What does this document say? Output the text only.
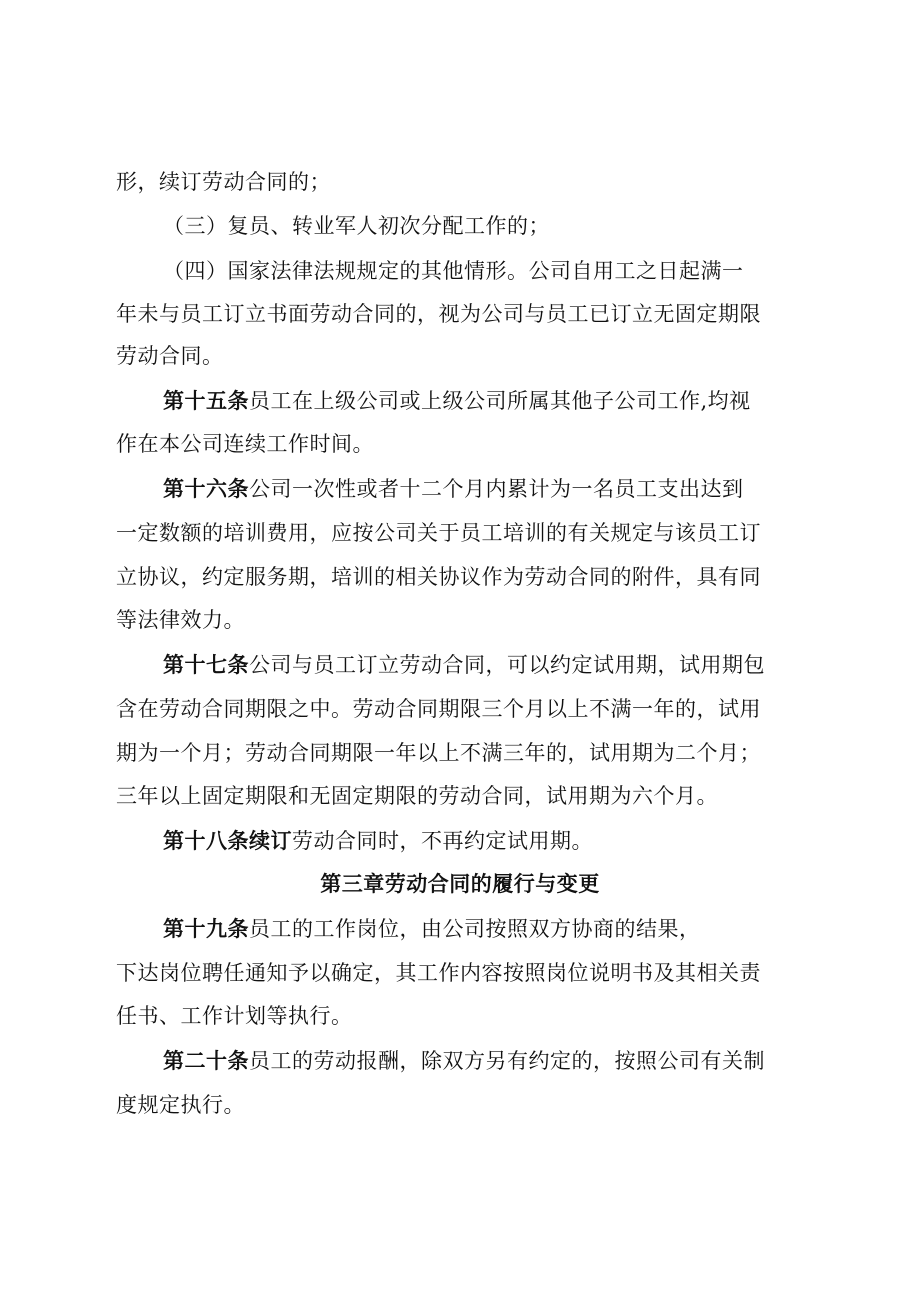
形，续订劳动合同的；
（三）复员、转业军人初次分配工作的；
（四）国家法律法规规定的其他情形。公司自用工之日起满一
年未与员工订立书面劳动合同的，视为公司与员工已订立无固定期限
劳动合同。
第十五条员工在上级公司或上级公司所属其他子公司工作,均视
作在本公司连续工作时间。
第十六条公司一次性或者十二个月内累计为一名员工支出达到
一定数额的培训费用，应按公司关于员工培训的有关规定与该员工订
立协议，约定服务期，培训的相关协议作为劳动合同的附件，具有同
等法律效力。
第十七条公司与员工订立劳动合同，可以约定试用期，试用期包
含在劳动合同期限之中。劳动合同期限三个月以上不满一年的，试用
期为一个月；劳动合同期限一年以上不满三年的，试用期为二个月；
三年以上固定期限和无固定期限的劳动合同，试用期为六个月。
第十八条续订劳动合同时，不再约定试用期。
第三章劳动合同的履行与变更
第十九条员工的工作岗位，由公司按照双方协商的结果，
下达岗位聘任通知予以确定，其工作内容按照岗位说明书及其相关责
任书、工作计划等执行。
第二十条员工的劳动报酬，除双方另有约定的，按照公司有关制
度规定执行。
